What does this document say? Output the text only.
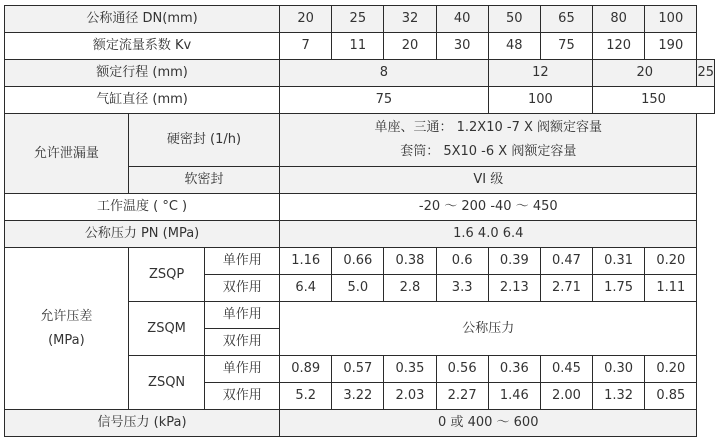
公称通径 DN(mm)			20	25	32	40	50	65	80	100	
额定流量系数 Kv			7	11	20	30	48	75	120	190	
额定行程 (mm)			8				12		20		25
气缸直径 (mm)			75				100		150		
允许泄漏量	硬密封 (1/h)		单座、三通： 1.2X10 -7 X 阀额定容量
套筒： 5X10 -6 X 阀额定容量								

	软密封		VI 级								
工作温度 ( °C )			-20 ～ 200 -40 ～ 450								
公称压力 PN (MPa)			1.6 4.0 6.4								

允许压差
(MPa)	ZSQP	单作用	1.16	0.66	0.38	0.6	0.39	0.47	0.31	0.20	
		双作用	6.4	5.0	2.8	3.3	2.13	2.71	1.75	1.11	
	ZSQM	单作用	公称压力								
		双作用									
	ZSQN	单作用	0.89	0.57	0.35	0.56	0.36	0.45	0.30	0.20	
		双作用	5.2	3.22	2.03	2.27	1.46	2.00	1.32	0.85	
信号压力 (kPa)			0 或 400 ～ 600								
